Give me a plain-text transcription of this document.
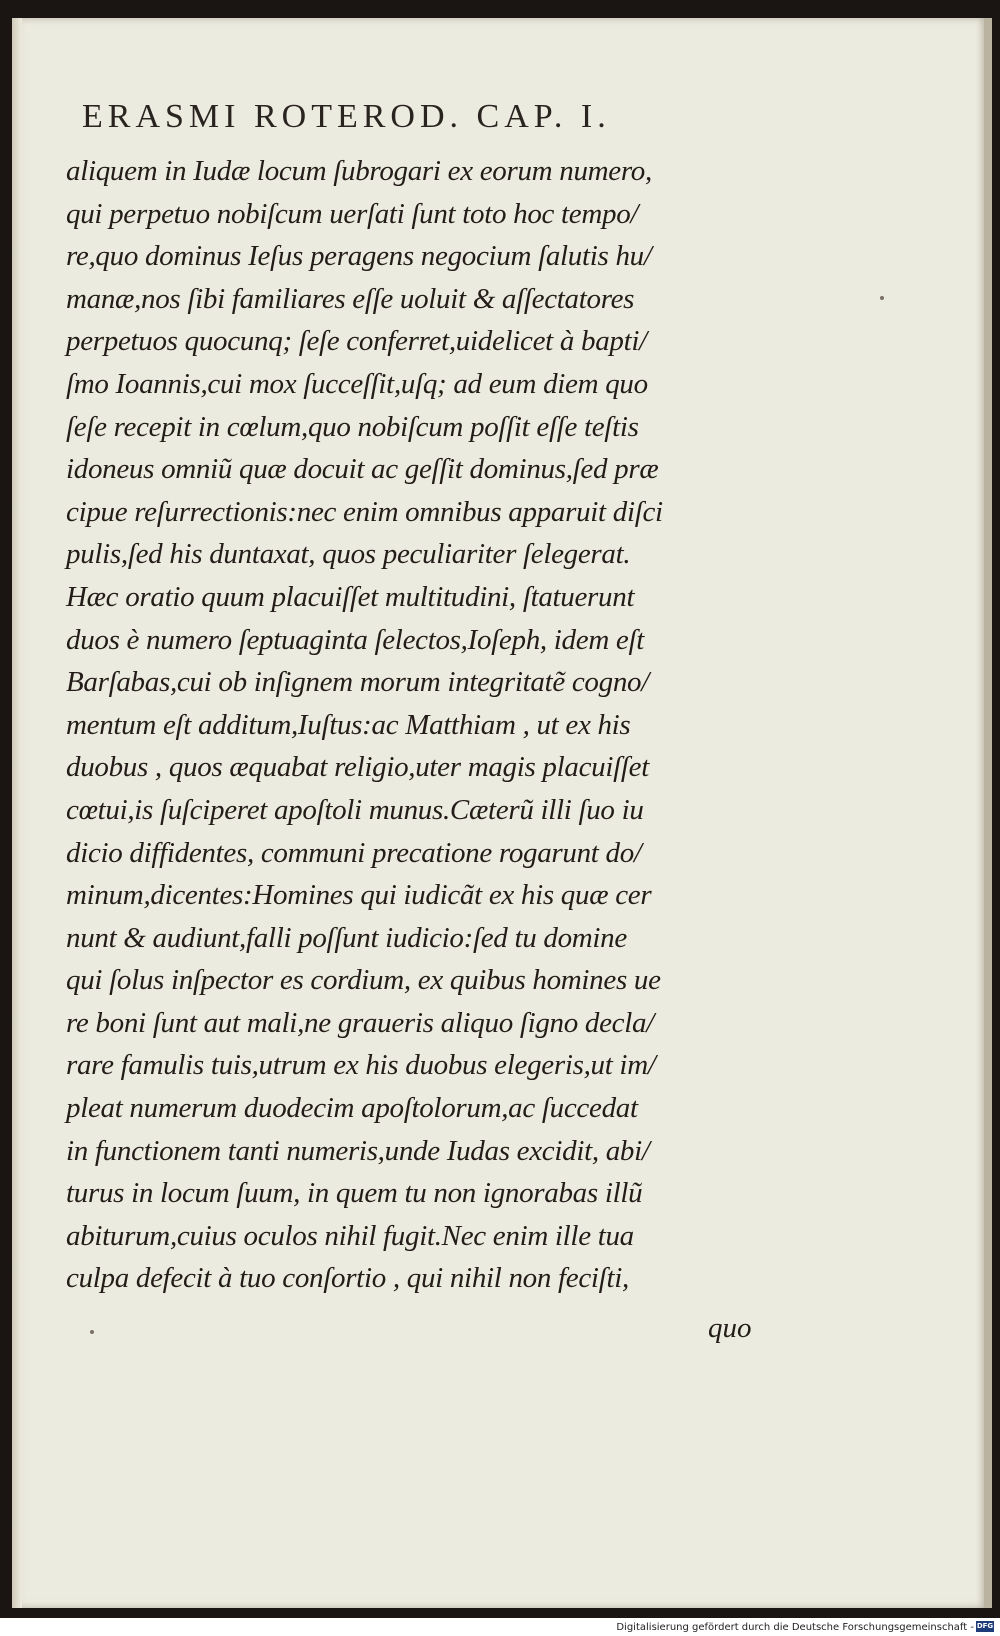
ERASMI ROTEROD. CAP. I.
aliquem in Iudæ locum ſubrogari ex eorum numero,
qui perpetuo nobiſcum uerſati ſunt toto hoc tempo/
re,quo dominus Ieſus peragens negocium ſalutis hu/
manæ,nos ſibi familiares eſſe uoluit & aſſectatores
perpetuos quocunq; ſeſe conferret,uidelicet à bapti/
ſmo Ioannis,cui mox ſucceſſit,uſq; ad eum diem quo
ſeſe recepit in cœlum,quo nobiſcum poſſit eſſe teſtis
idoneus omniũ quæ docuit ac geſſit dominus,ſed præ
cipue reſurrectionis:nec enim omnibus apparuit diſci
pulis,ſed his duntaxat, quos peculiariter ſelegerat.
Hæc oratio quum placuiſſet multitudini, ſtatuerunt
duos è numero ſeptuaginta ſelectos,Ioſeph, idem eſt
Barſabas,cui ob inſignem morum integritatẽ cogno/
mentum eſt additum,Iuſtus:ac Matthiam , ut ex his
duobus , quos æquabat religio,uter magis placuiſſet
cœtui,is ſuſciperet apoſtoli munus.Cæterũ illi ſuo iu
dicio diffidentes, communi precatione rogarunt do/
minum,dicentes:Homines qui iudicãt ex his quæ cer
nunt & audiunt,falli poſſunt iudicio:ſed tu domine
qui ſolus inſpector es cordium, ex quibus homines ue
re boni ſunt aut mali,ne graueris aliquo ſigno decla/
rare famulis tuis,utrum ex his duobus elegeris,ut im/
pleat numerum duodecim apoſtolorum,ac ſuccedat
in functionem tanti numeris,unde Iudas excidit, abi/
turus in locum ſuum, in quem tu non ignorabas illũ
abiturum,cuius oculos nihil fugit.Nec enim ille tua
culpa defecit à tuo conſortio , qui nihil non feciſti,
quo
Digitalisierung gefördert durch die Deutsche Forschungsgemeinschaft - DFG
